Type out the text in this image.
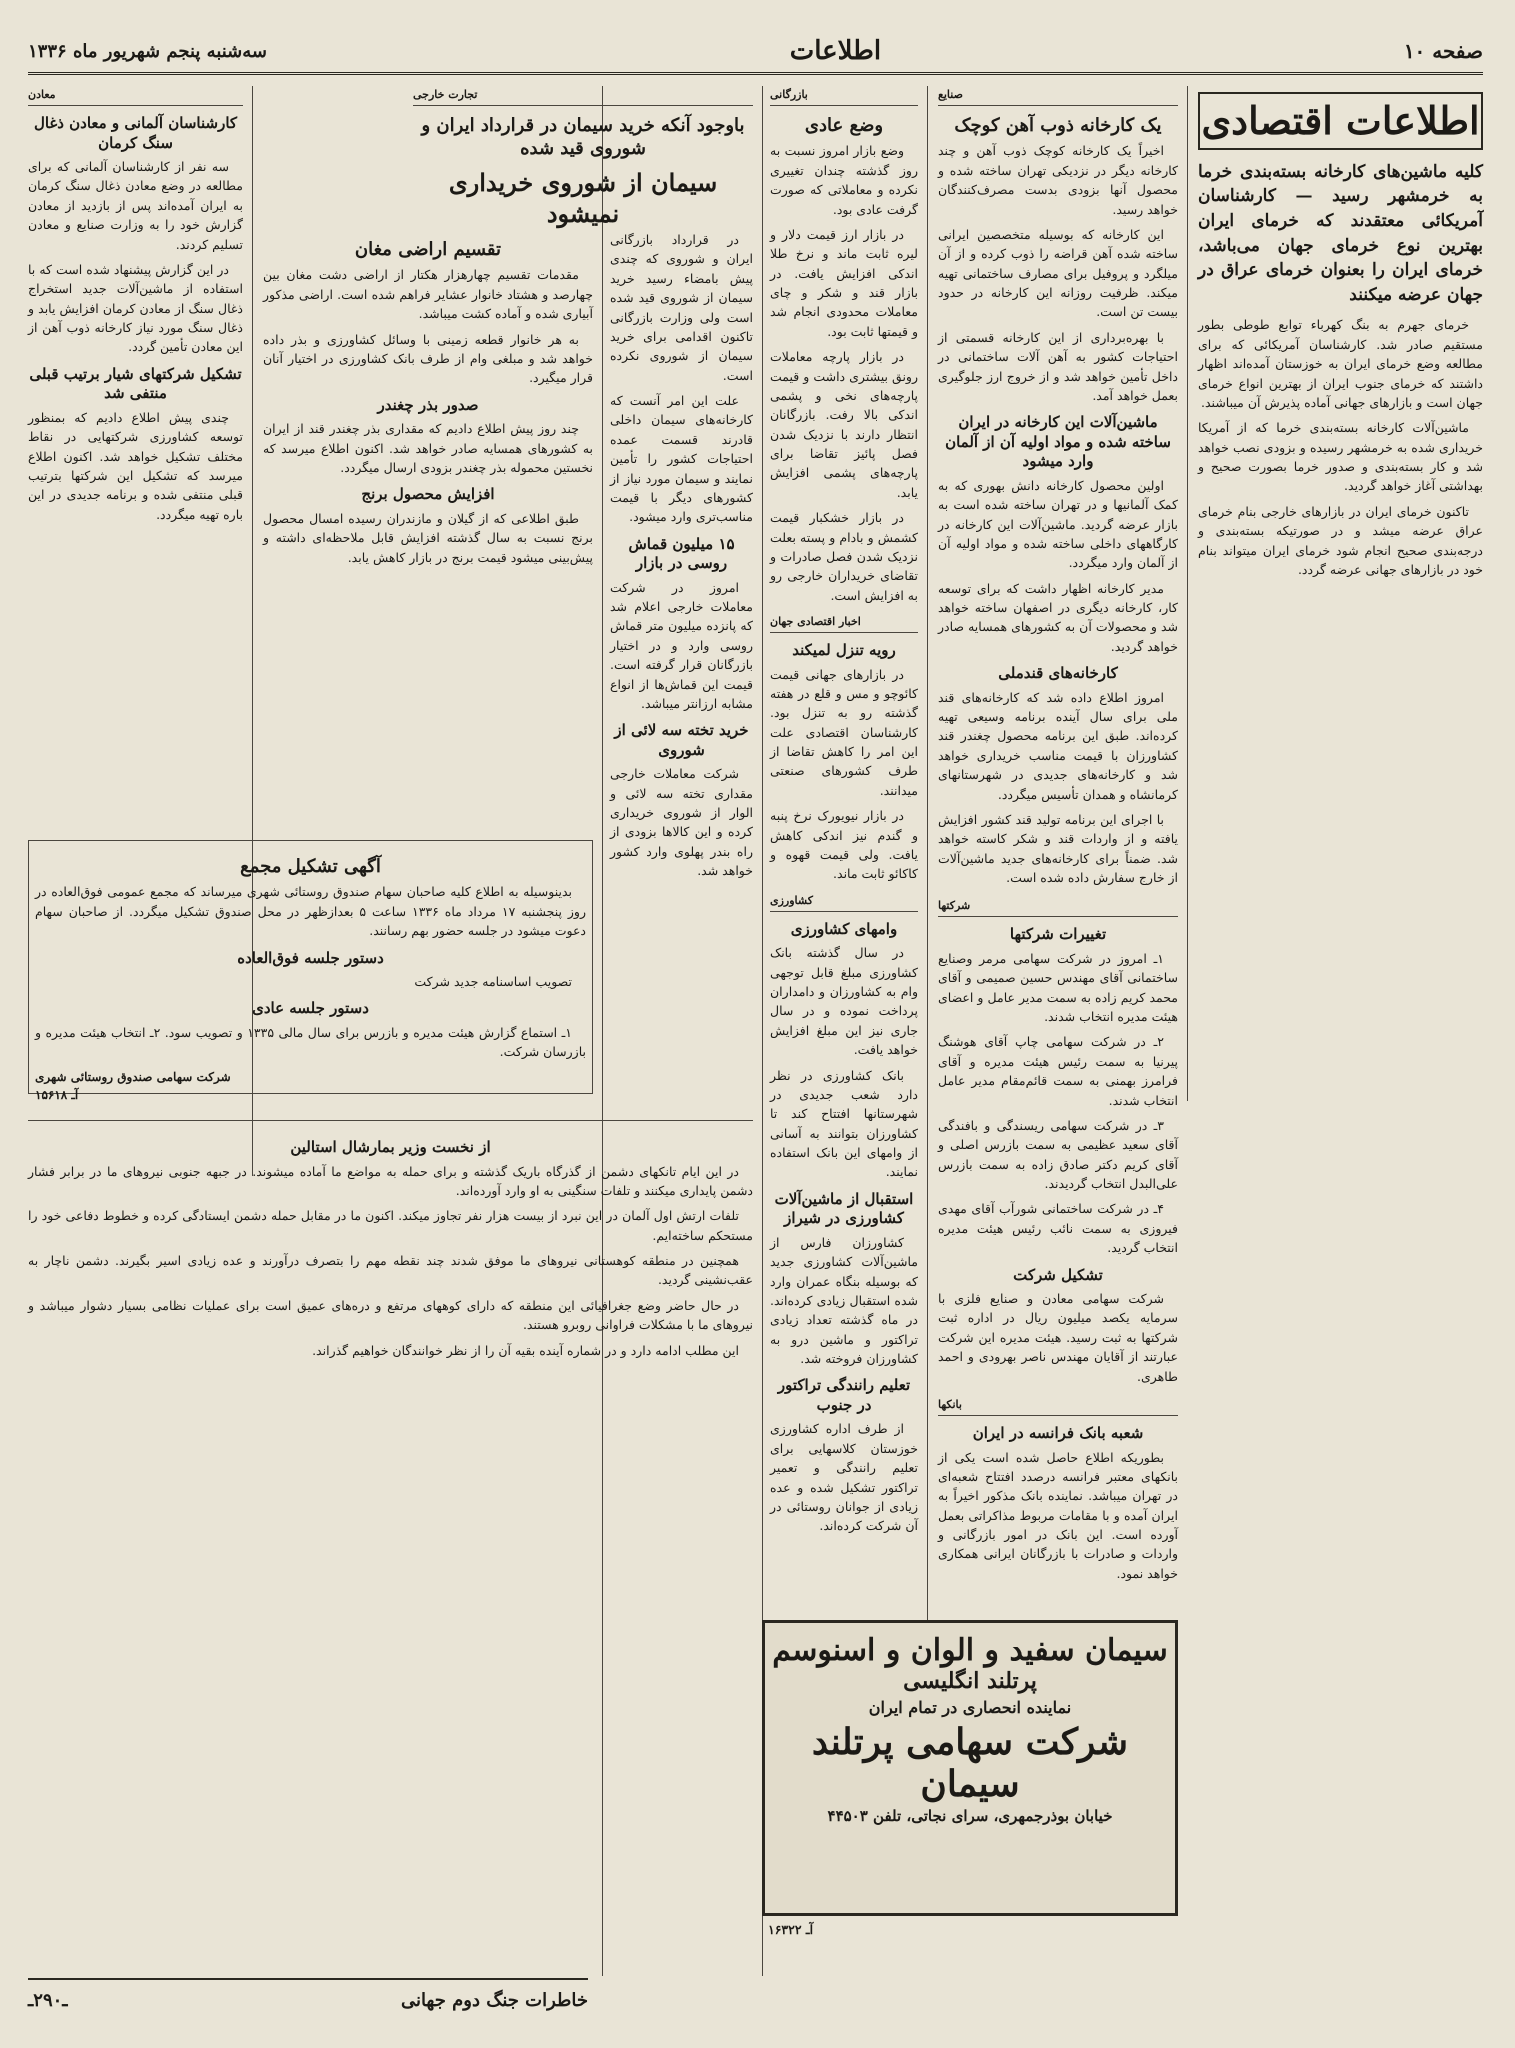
صفحه ۱۰
اطلاعات
سه‌شنبه پنجم شهریور ماه ۱۳۳۶
اطلاعات اقتصادی
کلیه ماشین‌های کارخانه بسته‌بندی خرما به خرمشهر رسید — کارشناسان آمریکائی معتقدند که خرمای ایران بهترین نوع خرمای جهان می‌باشد، خرمای ایران را بعنوان خرمای عراق در جهان عرضه میکنند

خرمای جهرم به بنگ کهرباء توابع طوطی بطور مستقیم صادر شد. کارشناسان آمریکائی که برای مطالعه وضع خرمای ایران به خوزستان آمده‌اند اظهار داشتند که خرمای جنوب ایران از بهترین انواع خرمای جهان است و بازارهای جهانی آماده پذیرش آن میباشند.

ماشین‌آلات کارخانه بسته‌بندی خرما که از آمریکا خریداری شده به خرمشهر رسیده و بزودی نصب خواهد شد و کار بسته‌بندی و صدور خرما بصورت صحیح و بهداشتی آغاز خواهد گردید.

تاکنون خرمای ایران در بازارهای خارجی بنام خرمای عراق عرضه میشد و در صورتیکه بسته‌بندی و درجه‌بندی صحیح انجام شود خرمای ایران میتواند بنام خود در بازارهای جهانی عرضه گردد.

صنایع
یک کارخانه ذوب آهن کوچک

اخیراً یک کارخانه کوچک ذوب آهن و چند کارخانه دیگر در نزدیکی تهران ساخته شده و محصول آنها بزودی بدست مصرف‌کنندگان خواهد رسید.

این کارخانه که بوسیله متخصصین ایرانی ساخته شده آهن قراضه را ذوب کرده و از آن میلگرد و پروفیل برای مصارف ساختمانی تهیه میکند. ظرفیت روزانه این کارخانه در حدود بیست تن است.

با بهره‌برداری از این کارخانه قسمتی از احتیاجات کشور به آهن آلات ساختمانی در داخل تأمین خواهد شد و از خروج ارز جلوگیری بعمل خواهد آمد.

ماشین‌آلات این کارخانه در ایران ساخته شده و مواد اولیه آن از آلمان وارد میشود

اولین محصول کارخانه دانش بهوری که به کمک آلمانیها و در تهران ساخته شده است به بازار عرضه گردید. ماشین‌آلات این کارخانه در کارگاههای داخلی ساخته شده و مواد اولیه آن از آلمان وارد میگردد.

مدیر کارخانه اظهار داشت که برای توسعه کار، کارخانه دیگری در اصفهان ساخته خواهد شد و محصولات آن به کشورهای همسایه صادر خواهد گردید.

کارخانه‌های قندملی

امروز اطلاع داده شد که کارخانه‌های قند ملی برای سال آینده برنامه وسیعی تهیه کرده‌اند. طبق این برنامه محصول چغندر قند کشاورزان با قیمت مناسب خریداری خواهد شد و کارخانه‌های جدیدی در شهرستانهای کرمانشاه و همدان تأسیس میگردد.

با اجرای این برنامه تولید قند کشور افزایش یافته و از واردات قند و شکر کاسته خواهد شد. ضمناً برای کارخانه‌های جدید ماشین‌آلات از خارج سفارش داده شده است.

شرکتها
تغییرات شرکتها

۱ـ امروز در شرکت سهامی مرمر وصنایع ساختمانی آقای مهندس حسین صمیمی و آقای محمد کریم زاده به سمت مدیر عامل و اعضای هیئت مدیره انتخاب شدند.

۲ـ در شرکت سهامی چاپ آقای هوشنگ پیرنیا به سمت رئیس هیئت مدیره و آقای فرامرز بهمنی به سمت قائم‌مقام مدیر عامل انتخاب شدند.

۳ـ در شرکت سهامی ریسندگی و بافندگی آقای سعید عظیمی به سمت بازرس اصلی و آقای کریم دکتر صادق زاده به سمت بازرس علی‌البدل انتخاب گردیدند.

۴ـ در شرکت ساختمانی شورآب آقای مهدی فیروزی به سمت نائب رئیس هیئت مدیره انتخاب گردید.

تشکیل شرکت

شرکت سهامی معادن و صنایع فلزی با سرمایه یکصد میلیون ریال در اداره ثبت شرکتها به ثبت رسید. هیئت مدیره این شرکت عبارتند از آقایان مهندس ناصر بهرودی و احمد طاهری.

بانکها
شعبه بانک فرانسه در ایران

بطوریکه اطلاع حاصل شده است یکی از بانکهای معتبر فرانسه درصدد افتتاح شعبه‌ای در تهران میباشد. نماینده بانک مذکور اخیراً به ایران آمده و با مقامات مربوط مذاکراتی بعمل آورده است. این بانک در امور بازرگانی و واردات و صادرات با بازرگانان ایرانی همکاری خواهد نمود.

بازرگانی
وضع عادی

وضع بازار امروز نسبت به روز گذشته چندان تغییری نکرده و معاملاتی که صورت گرفت عادی بود.

در بازار ارز قیمت دلار و لیره ثابت ماند و نرخ طلا اندکی افزایش یافت. در بازار قند و شکر و چای معاملات محدودی انجام شد و قیمتها ثابت بود.

در بازار پارچه معاملات رونق بیشتری داشت و قیمت پارچه‌های نخی و پشمی اندکی بالا رفت. بازرگانان انتظار دارند با نزدیک شدن فصل پائیز تقاضا برای پارچه‌های پشمی افزایش یابد.

در بازار خشکبار قیمت کشمش و بادام و پسته بعلت نزدیک شدن فصل صادرات و تقاضای خریداران خارجی رو به افزایش است.

اخبار اقتصادی جهان
رویه تنزل لمیکند

در بازارهای جهانی قیمت کائوچو و مس و قلع در هفته گذشته رو به تنزل بود. کارشناسان اقتصادی علت این امر را کاهش تقاضا از طرف کشورهای صنعتی میدانند.

در بازار نیویورک نرخ پنبه و گندم نیز اندکی کاهش یافت. ولی قیمت قهوه و کاکائو ثابت ماند.

کشاورزی
وامهای کشاورزی

در سال گذشته بانک کشاورزی مبلغ قابل توجهی وام به کشاورزان و دامداران پرداخت نموده و در سال جاری نیز این مبلغ افزایش خواهد یافت.

بانک کشاورزی در نظر دارد شعب جدیدی در شهرستانها افتتاح کند تا کشاورزان بتوانند به آسانی از وامهای این بانک استفاده نمایند.

استقبال از ماشین‌آلات کشاورزی در شیراز

کشاورزان فارس از ماشین‌آلات کشاورزی جدید که بوسیله بنگاه عمران وارد شده استقبال زیادی کرده‌اند. در ماه گذشته تعداد زیادی تراکتور و ماشین درو به کشاورزان فروخته شد.

تعلیم رانندگی تراکتور در جنوب

از طرف اداره کشاورزی خوزستان کلاسهایی برای تعلیم رانندگی و تعمیر تراکتور تشکیل شده و عده زیادی از جوانان روستائی در آن شرکت کرده‌اند.

تجارت خارجی
باوجود آنکه خرید سیمان در قرارداد ایران و شوروی قید شده
سیمان از شوروی خریداری نمیشود

در قرارداد بازرگانی ایران و شوروی که چندی پیش بامضاء رسید خرید سیمان از شوروی قید شده است ولی وزارت بازرگانی تاکنون اقدامی برای خرید سیمان از شوروی نکرده است.

علت این امر آنست که کارخانه‌های سیمان داخلی قادرند قسمت عمده احتیاجات کشور را تأمین نمایند و سیمان مورد نیاز از کشورهای دیگر با قیمت مناسب‌تری وارد میشود.

۱۵ میلیون قماش روسی در بازار

امروز در شرکت معاملات خارجی اعلام شد که پانزده میلیون متر قماش روسی وارد و در اختیار بازرگانان قرار گرفته است. قیمت این قماش‌ها از انواع مشابه ارزانتر میباشد.

خرید تخته‌ سه لائی از شوروی

شرکت معاملات خارجی مقداری تخته سه لائی و الوار از شوروی خریداری کرده و این کالاها بزودی از راه بندر پهلوی وارد کشور خواهد شد.

تقسیم اراضی مغان

مقدمات تقسیم چهارهزار هکتار از اراضی دشت مغان بین چهارصد و هشتاد خانوار عشایر فراهم شده است. اراضی مذکور آبیاری شده و آماده کشت میباشد.

به هر خانوار قطعه زمینی با وسائل کشاورزی و بذر داده خواهد شد و مبلغی وام از طرف بانک کشاورزی در اختیار آنان قرار میگیرد.

صدور بذر چغندر

چند روز پیش اطلاع دادیم که مقداری بذر چغندر قند از ایران به کشورهای همسایه صادر خواهد شد. اکنون اطلاع میرسد که نخستین محموله بذر چغندر بزودی ارسال میگردد.

افزایش محصول برنج

طبق اطلاعی که از گیلان و مازندران رسیده امسال محصول برنج نسبت به سال گذشته افزایش قابل ملاحظه‌ای داشته و پیش‌بینی میشود قیمت برنج در بازار کاهش یابد.

معادن
کارشناسان آلمانی و معادن ذغال سنگ کرمان

سه نفر از کارشناسان آلمانی که برای مطالعه در وضع معادن ذغال سنگ کرمان به ایران آمده‌اند پس از بازدید از معادن گزارش خود را به وزارت صنایع و معادن تسلیم کردند.

در این گزارش پیشنهاد شده است که با استفاده از ماشین‌آلات جدید استخراج ذغال سنگ از معادن کرمان افزایش یابد و ذغال سنگ مورد نیاز کارخانه ذوب آهن از این معادن تأمین گردد.

تشکیل شرکتهای شیار برتیب قبلی منتفی شد

چندی پیش اطلاع دادیم که بمنظور توسعه کشاورزی شرکتهایی در نقاط مختلف تشکیل خواهد شد. اکنون اطلاع میرسد که تشکیل این شرکتها بترتیب قبلی منتفی شده و برنامه جدیدی در این باره تهیه میگردد.

آگهی تشکیل مجمع

بدینوسیله به اطلاع کلیه صاحبان سهام صندوق روستائی شهری میرساند که مجمع عمومی فوق‌العاده در روز پنجشنبه ۱۷ مرداد ماه ۱۳۳۶ ساعت ۵ بعدازظهر در محل صندوق تشکیل میگردد. از صاحبان سهام دعوت میشود در جلسه حضور بهم رسانند.

دستور جلسه فوق‌العاده

تصویب اساسنامه جدید شرکت

دستور جلسه عادی

۱ـ استماع گزارش هیئت مدیره و بازرس برای سال مالی ۱۳۳۵ و تصویب سود. ۲ـ انتخاب هیئت مدیره و بازرسان شرکت.

شرکت سهامی صندوق روستائی شهری
آـ ۱۵۶۱۸
از نخست وزیر بمارشال استالین

در اين ایام تانکهای دشمن از گذرگاه باریک گذشته و برای حمله به مواضع ما آماده میشوند. در جبهه جنوبی نیروهای ما در برابر فشار دشمن پایداری میکنند و تلفات سنگینی به او وارد آورده‌اند.

تلفات ارتش اول آلمان در این نبرد از بیست هزار نفر تجاوز میکند. اکنون ما در مقابل حمله دشمن ایستادگی کرده و خطوط دفاعی خود را مستحکم ساخته‌ایم.

همچنین در منطقه کوهستانی نیروهای ما موفق شدند چند نقطه مهم را بتصرف درآورند و عده زیادی اسیر بگیرند. دشمن ناچار به عقب‌نشینی گردید.

در حال حاضر وضع جغرافیائی این منطقه که دارای کوههای مرتفع و دره‌های عمیق است برای عملیات نظامی بسیار دشوار میباشد و نیروهای ما با مشکلات فراوانی روبرو هستند.

این مطلب ادامه دارد و در شماره آینده بقیه آن را از نظر خوانندگان خواهیم گذراند.

سیمان سفید و الوان و اسنوسم
پرتلند انگلیسی
نماینده انحصاری در تمام ایران
شرکت سهامی پرتلند سیمان
خیابان بوذرجمهری، سرای نجاتی، تلفن ۴۴۵۰۳
آـ ۱۶۳۲۲
خاطرات جنگ دوم جهانی
ـ۲۹۰ـ
